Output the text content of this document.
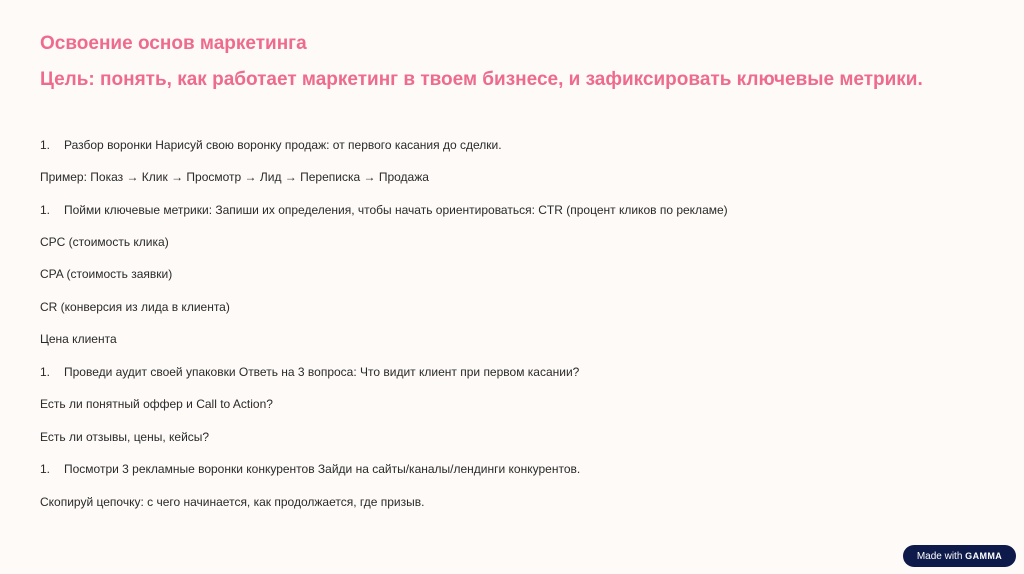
Освоение основ маркетинга
Цель: понять, как работает маркетинг в твоем бизнесе, и зафиксировать ключевые метрики.
1. Разбор воронки Нарисуй свою воронку продаж: от первого касания до сделки.
Пример: Показ → Клик → Просмотр → Лид → Переписка → Продажа
1. Пойми ключевые метрики: Запиши их определения, чтобы начать ориентироваться: CTR (процент кликов по рекламе)
CPC (стоимость клика)
CPA (стоимость заявки)
CR (конверсия из лида в клиента)
Цена клиента
1. Проведи аудит своей упаковки Ответь на 3 вопроса: Что видит клиент при первом касании?
Есть ли понятный оффер и Call to Action?
Есть ли отзывы, цены, кейсы?
1. Посмотри 3 рекламные воронки конкурентов Зайди на сайты/каналы/лендинги конкурентов.
Скопируй цепочку: с чего начинается, как продолжается, где призыв.
Made with GAMMA
